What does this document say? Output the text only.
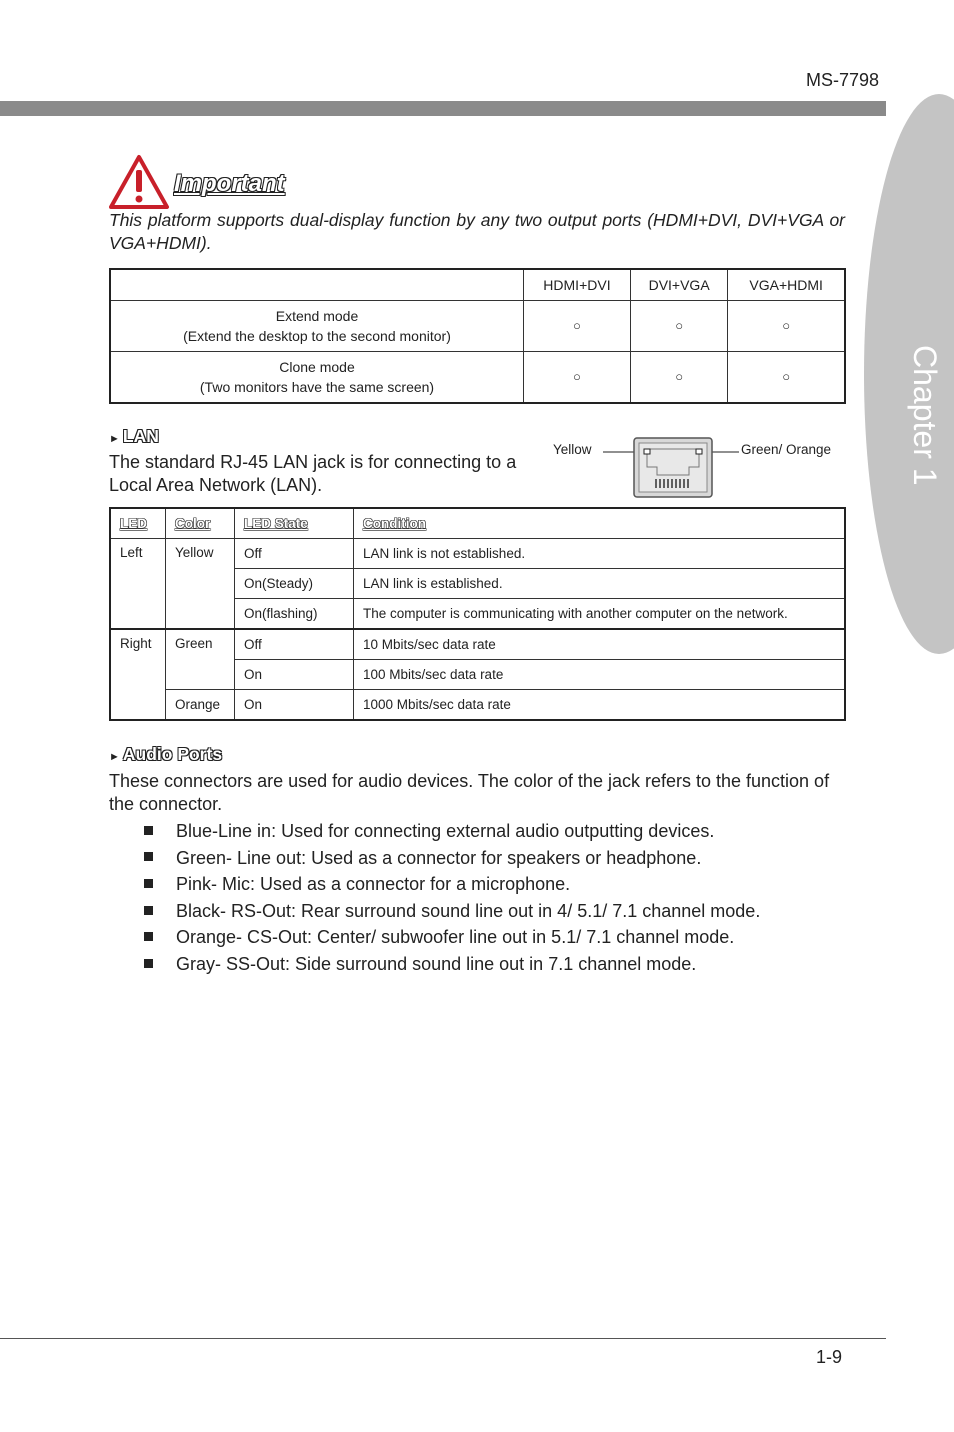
MS-7798
Chapter 1
Important
This platform supports dual-display function by any two output ports (HDMI+DVI, DVI+VGA or VGA+HDMI).
	HDMI+DVI	DVI+VGA	VGA+HDMI

Extend mode
(Extend the desktop to the second monitor)	○	○	○

Clone mode
(Two monitors have the same screen)	○	○	○
► LAN
The standard RJ-45 LAN jack is for connecting to a Local Area Network (LAN).
Yellow	Green/ Orange
LED	Color	LED State	Condition
Left	Yellow	Off	LAN link is not established.
		On(Steady)	LAN link is established.
		On(flashing)	The computer is communicating with another computer on the network.
Right	Green	Off	10 Mbits/sec data rate
		On	100 Mbits/sec data rate
	Orange	On	1000 Mbits/sec data rate
► Audio Ports
These connectors are used for audio devices. The color of the jack refers to the function of the connector.
Blue-Line in: Used for connecting external audio outputting devices.
Green- Line out: Used as a connector for speakers or headphone.
Pink- Mic: Used as a connector for a microphone.
Black- RS-Out: Rear surround sound line out in 4/ 5.1/ 7.1 channel mode.
Orange- CS-Out: Center/ subwoofer line out in 5.1/ 7.1 channel mode.
Gray- SS-Out: Side surround sound line out in 7.1 channel mode.
1-9
